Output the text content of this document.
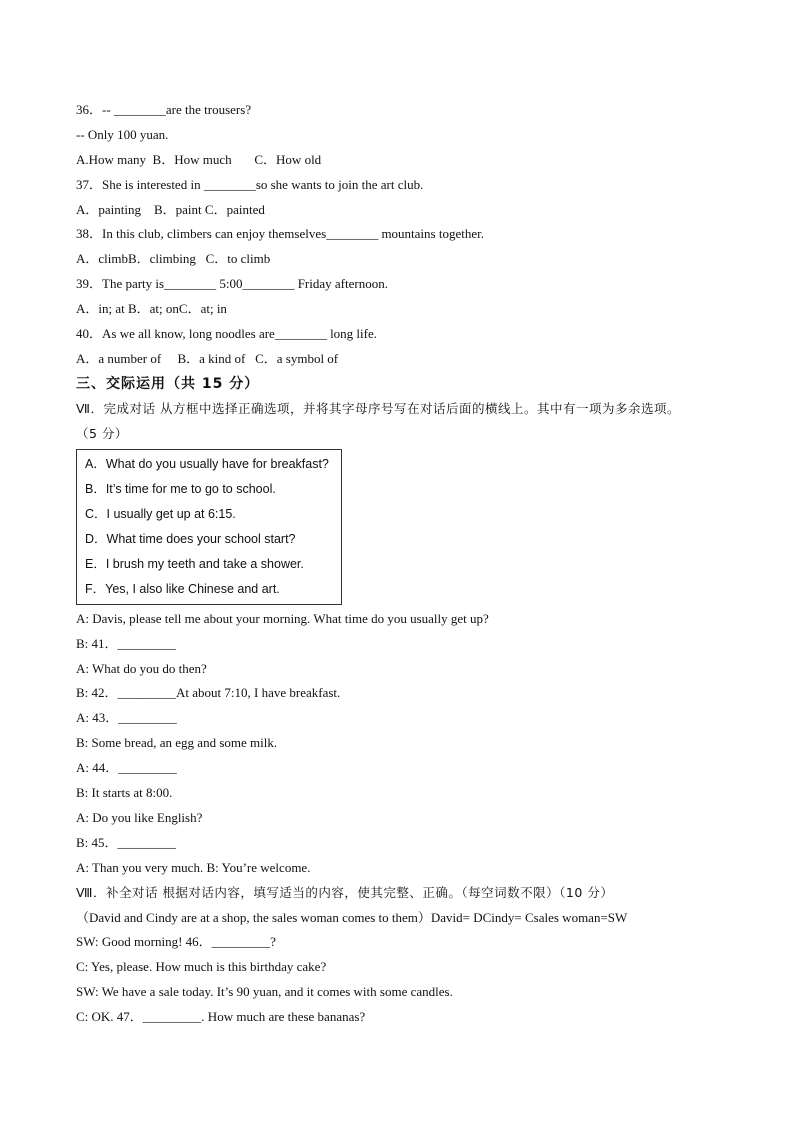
36．-- ________are the trousers?
-- Only 100 yuan.
A.How many  B．How much       C．How old
37．She is interested in ________so she wants to join the art club.
A．painting    B．paint C．painted
38．In this club, climbers can enjoy themselves________ mountains together.
A．climbB．climbing   C．to climb
39．The party is________ 5:00________ Friday afternoon.
A．in; at B．at; onC．at; in
40．As we all know, long noodles are________ long life.
A．a number of     B．a kind of   C．a symbol of
三、交际运用（共 15 分）
Ⅶ．完成对话 从方框中选择正确选项，并将其字母序号写在对话后面的横线上。其中有一项为多余选项。
（5 分）
A．What do you usually have for breakfast?
B．It’s time for me to go to school.
C．I usually get up at 6:15.
D．What time does your school start?
E．I brush my teeth and take a shower.
F．Yes, I also like Chinese and art.
A: Davis, please tell me about your morning. What time do you usually get up?
B: 41．_________
A: What do you do then?
B: 42．_________At about 7:10, I have breakfast.
A: 43．_________
B: Some bread, an egg and some milk.
A: 44．_________
B: It starts at 8:00.
A: Do you like English?
B: 45．_________
A: Than you very much. B: You’re welcome.
Ⅷ．补全对话 根据对话内容，填写适当的内容，使其完整、正确。（每空词数不限）（10 分）
（David and Cindy are at a shop, the sales woman comes to them）David= DCindy= Csales woman=SW
SW: Good morning! 46．_________?
C: Yes, please. How much is this birthday cake?
SW: We have a sale today. It’s 90 yuan, and it comes with some candles.
C: OK. 47．_________. How much are these bananas?
